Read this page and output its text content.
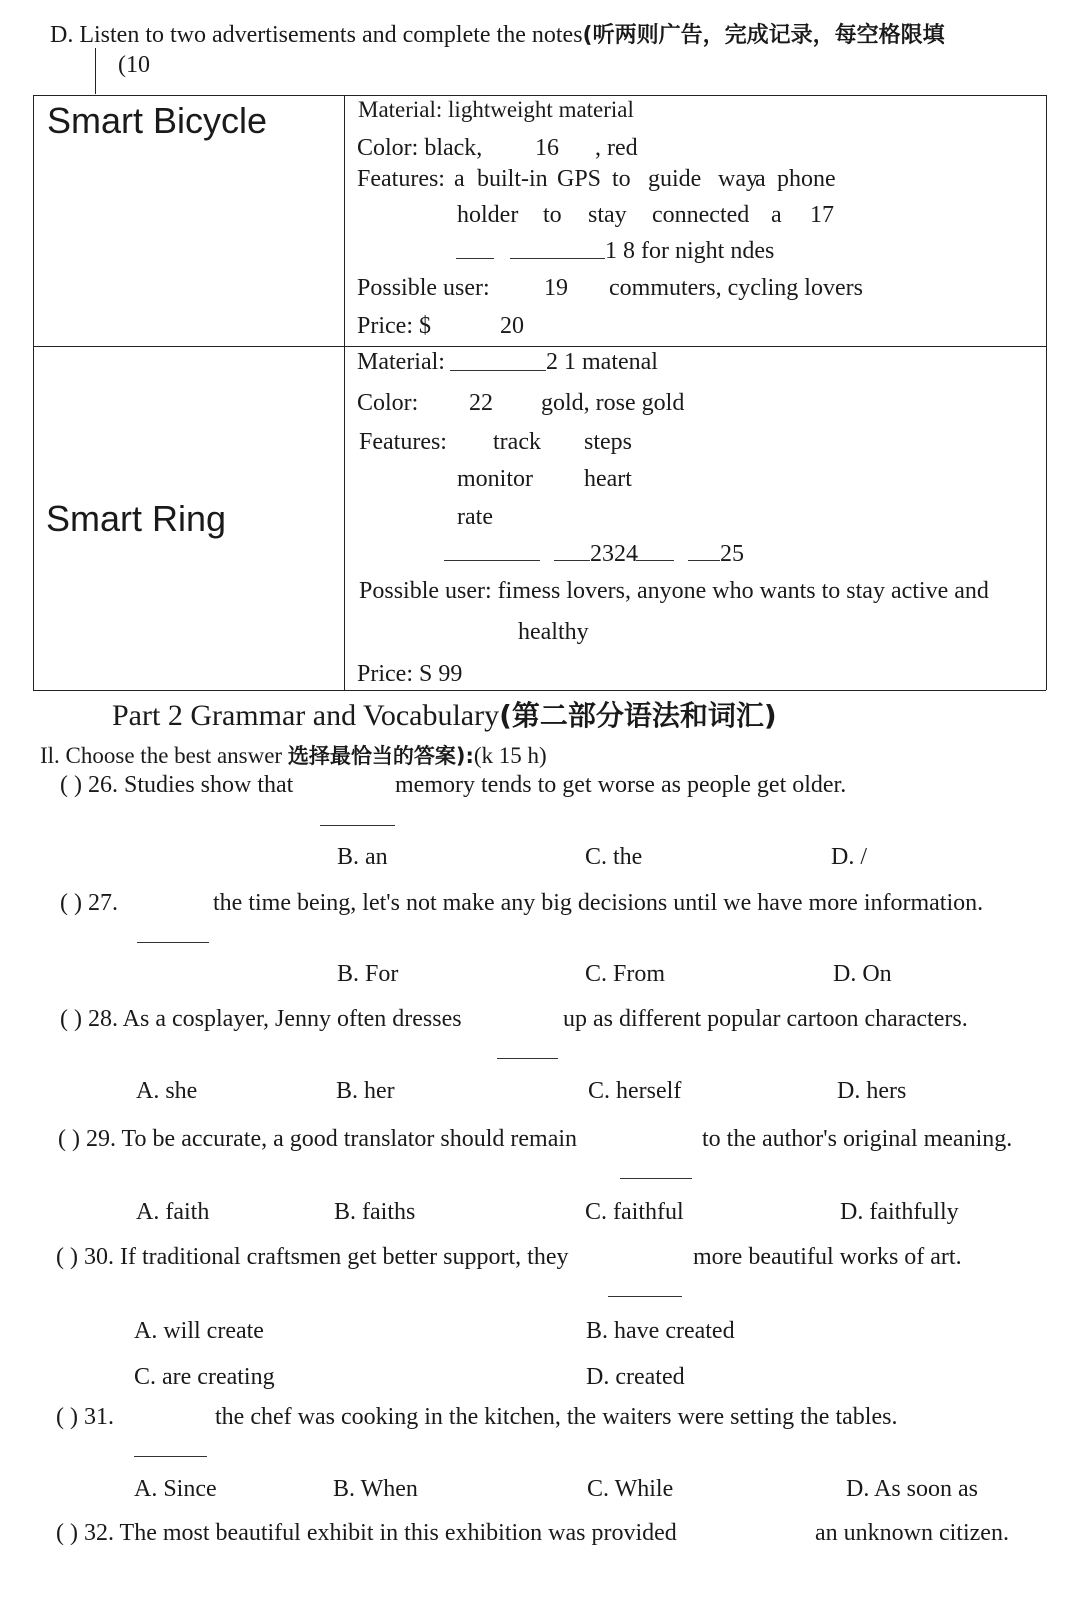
D. Listen to two advertisements and complete the notes(听两则广告，完成记录，每空格限填
(10
Smart Bicycle	Material: lightweight material
Color: black, 16 , red
Features: a built-in GPS to guide way
a phone
holder to stay connected a 17
1 8 for night ndes
Possible user: 19 commuters, cycling lovers
Price: $	20
Smart Ring
Material:	2 1 matenal
Color: 22 gold, rose gold
Features: track steps
monitor heart
rate
2324	25
Possible user: fimess lovers, anyone who wants to stay active and
healthy
Price: S 99
Part 2 Grammar and Vocabulary(第二部分语法和词汇)
Il. Choose the best answer 选择最恰当的答案):(k 15 h)
( ) 26. Studies show that	memory tends to get worse as people get older.
B. an	C. the	D. /
( ) 27.	the time being, let's not make any big decisions until we have more information.
B. For	C. From	D. On
( ) 28. As a cosplayer, Jenny often dresses	up as different popular cartoon characters.
A. she	B. her	C. herself	D. hers
( ) 29. To be accurate, a good translator should remain	to the author's original meaning.
A. faith	B. faiths	C. faithful	D. faithfully
( ) 30. If traditional craftsmen get better support, they	more beautiful works of art.
A. will create	B. have created
C. are creating	D. created
( ) 31.	the chef was cooking in the kitchen, the waiters were setting the tables.
A. Since	B. When	C. While	D. As soon as
( ) 32. The most beautiful exhibit in this exhibition was provided	an unknown citizen.
